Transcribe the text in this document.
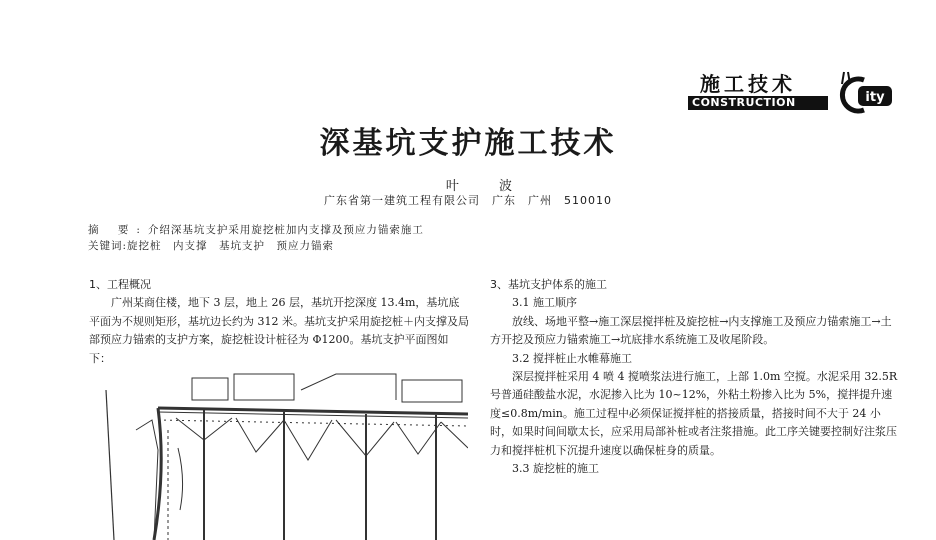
施工技术
CONSTRUCTION	ity
深基坑支护施工技术
叶 波
广东省第一建筑工程有限公司　广东　广州　510010
摘 要:介绍深基坑支护采用旋挖桩加内支撑及预应力锚索施工
关键词:旋挖桩　内支撑　基坑支护　预应力锚索
1、工程概况

广州某商住楼，地下 3 层，地上 26 层，基坑开挖深度 13.4m，基坑底平面为不规则矩形，基坑边长约为 312 米。基坑支护采用旋挖桩＋内支撑及局部预应力锚索的支护方案，旋挖桩设计桩径为 Φ1200。基坑支护平面图如下：

3、基坑支护体系的施工
3.1 施工顺序

放线、场地平整→施工深层搅拌桩及旋挖桩→内支撑施工及预应力锚索施工→土方开挖及预应力锚索施工→坑底排水系统施工及收尾阶段。

3.2 搅拌桩止水帷幕施工

深层搅拌桩采用 4 喷 4 搅喷浆法进行施工，上部 1.0m 空搅。水泥采用 32.5R 号普通硅酸盐水泥，水泥掺入比为 10~12%，外粘土粉掺入比为 5%，搅拌提升速度≤0.8m/min。施工过程中必须保证搅拌桩的搭接质量，搭接时间不大于 24 小时，如果时间间歇太长，应采用局部补桩或者注浆措施。此工序关键要控制好注浆压力和搅拌桩机下沉提升速度以确保桩身的质量。

3.3 旋挖桩的施工
